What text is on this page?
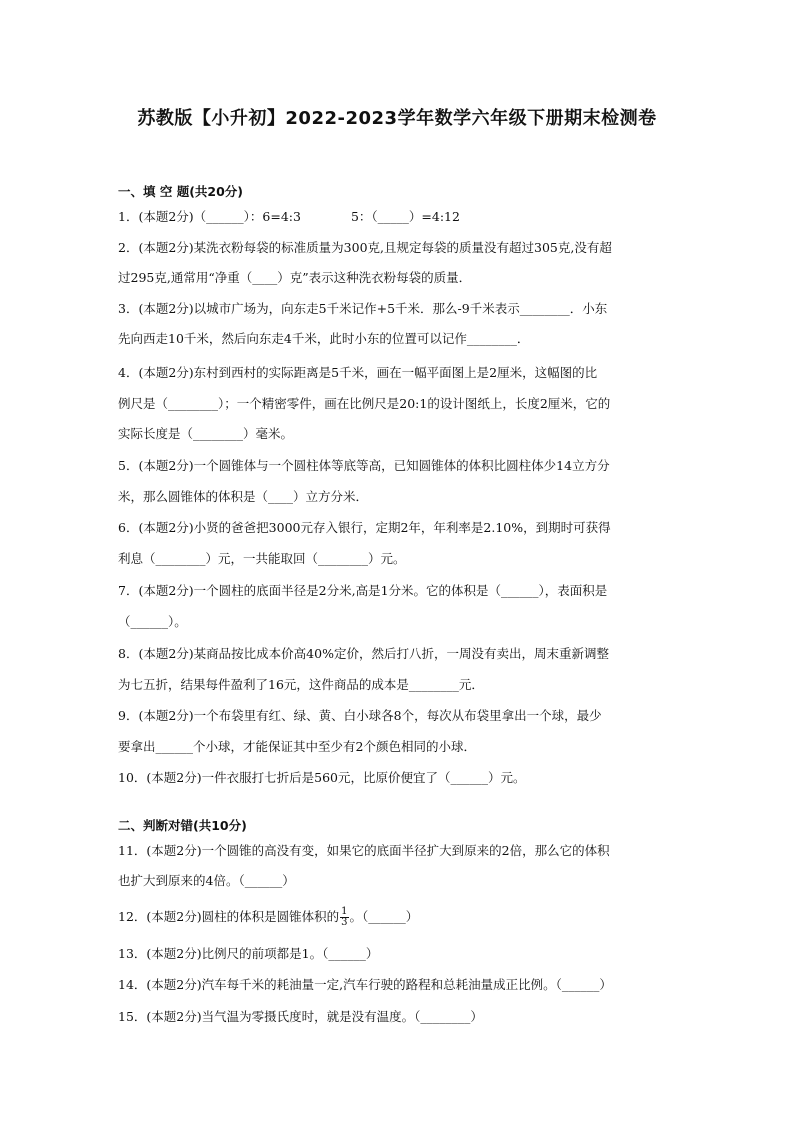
苏教版【小升初】2022-2023学年数学六年级下册期末检测卷
一、填 空 题(共20分)
1．(本题2分)（______）：6=4:3　　　　5：（_____）=4:12
2．(本题2分)某洗衣粉每袋的标准质量为300克,且规定每袋的质量没有超过305克,没有超
过295克,通常用“净重（____）克”表示这种洗衣粉每袋的质量．
3．(本题2分)以城市广场为，向东走5千米记作+5千米．那么-9千米表示________．小东
先向西走10千米，然后向东走4千米，此时小东的位置可以记作________．
4．(本题2分)东村到西村的实际距离是5千米，画在一幅平面图上是2厘米，这幅图的比
例尺是（________）；一个精密零件，画在比例尺是20:1的设计图纸上，长度2厘米，它的
实际长度是（________）毫米。
5．(本题2分)一个圆锥体与一个圆柱体等底等高，已知圆锥体的体积比圆柱体少14立方分
米，那么圆锥体的体积是（____）立方分米．
6．(本题2分)小贤的爸爸把3000元存入银行，定期2年，年利率是2.10%，到期时可获得
利息（________）元，一共能取回（________）元。
7．(本题2分)一个圆柱的底面半径是2分米,高是1分米。它的体积是（______），表面积是
（______）。
8．(本题2分)某商品按比成本价高40%定价，然后打八折，一周没有卖出，周末重新调整
为七五折，结果每件盈利了16元，这件商品的成本是________元．
9．(本题2分)一个布袋里有红、绿、黄、白小球各8个，每次从布袋里拿出一个球，最少
要拿出______个小球，才能保证其中至少有2个颜色相同的小球．
10．(本题2分)一件衣服打七折后是560元，比原价便宜了（______）元。
二、判断对错(共10分)
11．(本题2分)一个圆锥的高没有变，如果它的底面半径扩大到原来的2倍，那么它的体积
也扩大到原来的4倍。（______）
12．(本题2分)圆柱的体积是圆锥体积的 $\frac{1}{3}$ 。（______）
13．(本题2分)比例尺的前项都是1。（______）
14．(本题2分)汽车每千米的耗油量一定,汽车行驶的路程和总耗油量成正比例。（______）
15．(本题2分)当气温为零摄氏度时，就是没有温度。（________）
